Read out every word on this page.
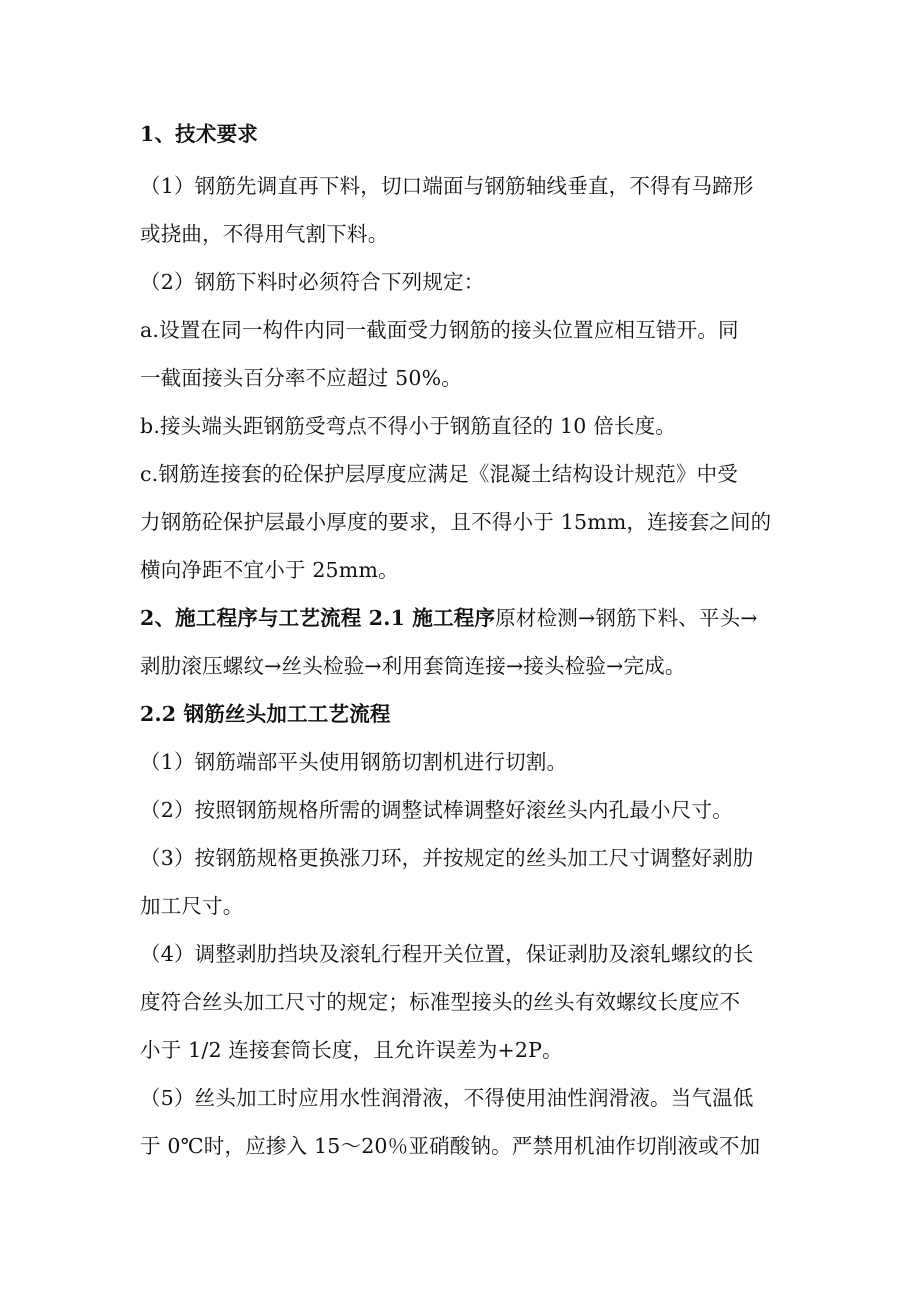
1、技术要求
（1）钢筋先调直再下料，切口端面与钢筋轴线垂直，不得有马蹄形
或挠曲，不得用气割下料。
（2）钢筋下料时必须符合下列规定：
a.设置在同一构件内同一截面受力钢筋的接头位置应相互错开。同
一截面接头百分率不应超过 50%。
b.接头端头距钢筋受弯点不得小于钢筋直径的 10 倍长度。
c.钢筋连接套的砼保护层厚度应满足《混凝土结构设计规范》中受
力钢筋砼保护层最小厚度的要求，且不得小于 15mm，连接套之间的
横向净距不宜小于 25mm。
2、施工程序与工艺流程 2.1 施工程序原材检测→钢筋下料、平头→
剥肋滚压螺纹→丝头检验→利用套筒连接→接头检验→完成。
2.2 钢筋丝头加工工艺流程
（1）钢筋端部平头使用钢筋切割机进行切割。
（2）按照钢筋规格所需的调整试棒调整好滚丝头内孔最小尺寸。
（3）按钢筋规格更换涨刀环，并按规定的丝头加工尺寸调整好剥肋
加工尺寸。
（4）调整剥肋挡块及滚轧行程开关位置，保证剥肋及滚轧螺纹的长
度符合丝头加工尺寸的规定；标准型接头的丝头有效螺纹长度应不
小于 1/2 连接套筒长度，且允许误差为+2P。
（5）丝头加工时应用水性润滑液，不得使用油性润滑液。当气温低
于 0℃时，应掺入 15～20％亚硝酸钠。严禁用机油作切削液或不加
